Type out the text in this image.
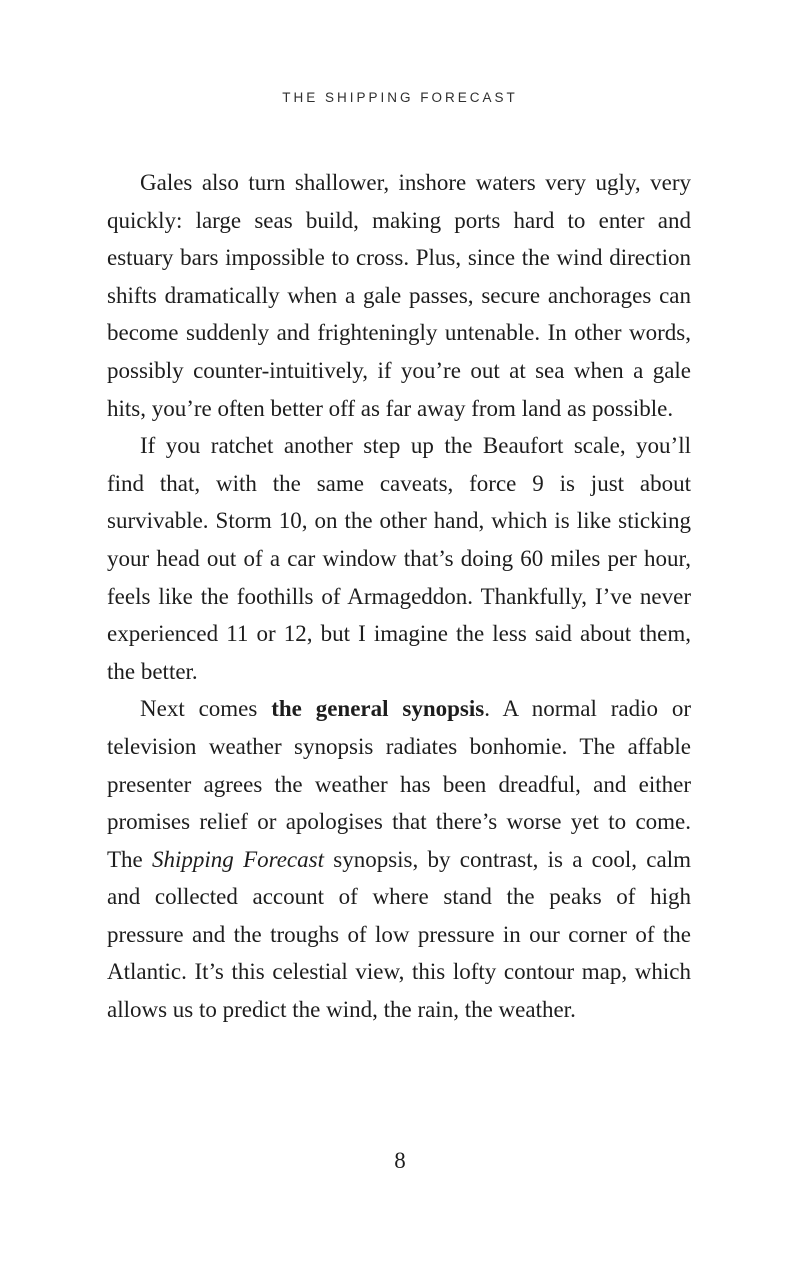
THE SHIPPING FORECAST

Gales also turn shallower, inshore waters very ugly, very quickly: large seas build, making ports hard to enter and estuary bars impossible to cross. Plus, since the wind direction shifts dramatically when a gale passes, secure anchorages can become suddenly and frighteningly untenable. In other words, possibly counter-intuitively, if you’re out at sea when a gale hits, you’re often better off as far away from land as possible.

If you ratchet another step up the Beaufort scale, you’ll find that, with the same caveats, force 9 is just about survivable. Storm 10, on the other hand, which is like sticking your head out of a car window that’s doing 60 miles per hour, feels like the foothills of Armageddon. Thankfully, I’ve never experienced 11 or 12, but I imagine the less said about them, the better.

Next comes the general synopsis. A normal radio or television weather synopsis radiates bonhomie. The affable presenter agrees the weather has been dreadful, and either promises relief or apologises that there’s worse yet to come. The Shipping Forecast synopsis, by contrast, is a cool, calm and collected account of where stand the peaks of high pressure and the troughs of low pressure in our corner of the Atlantic. It’s this celestial view, this lofty contour map, which allows us to predict the wind, the rain, the weather.

8
